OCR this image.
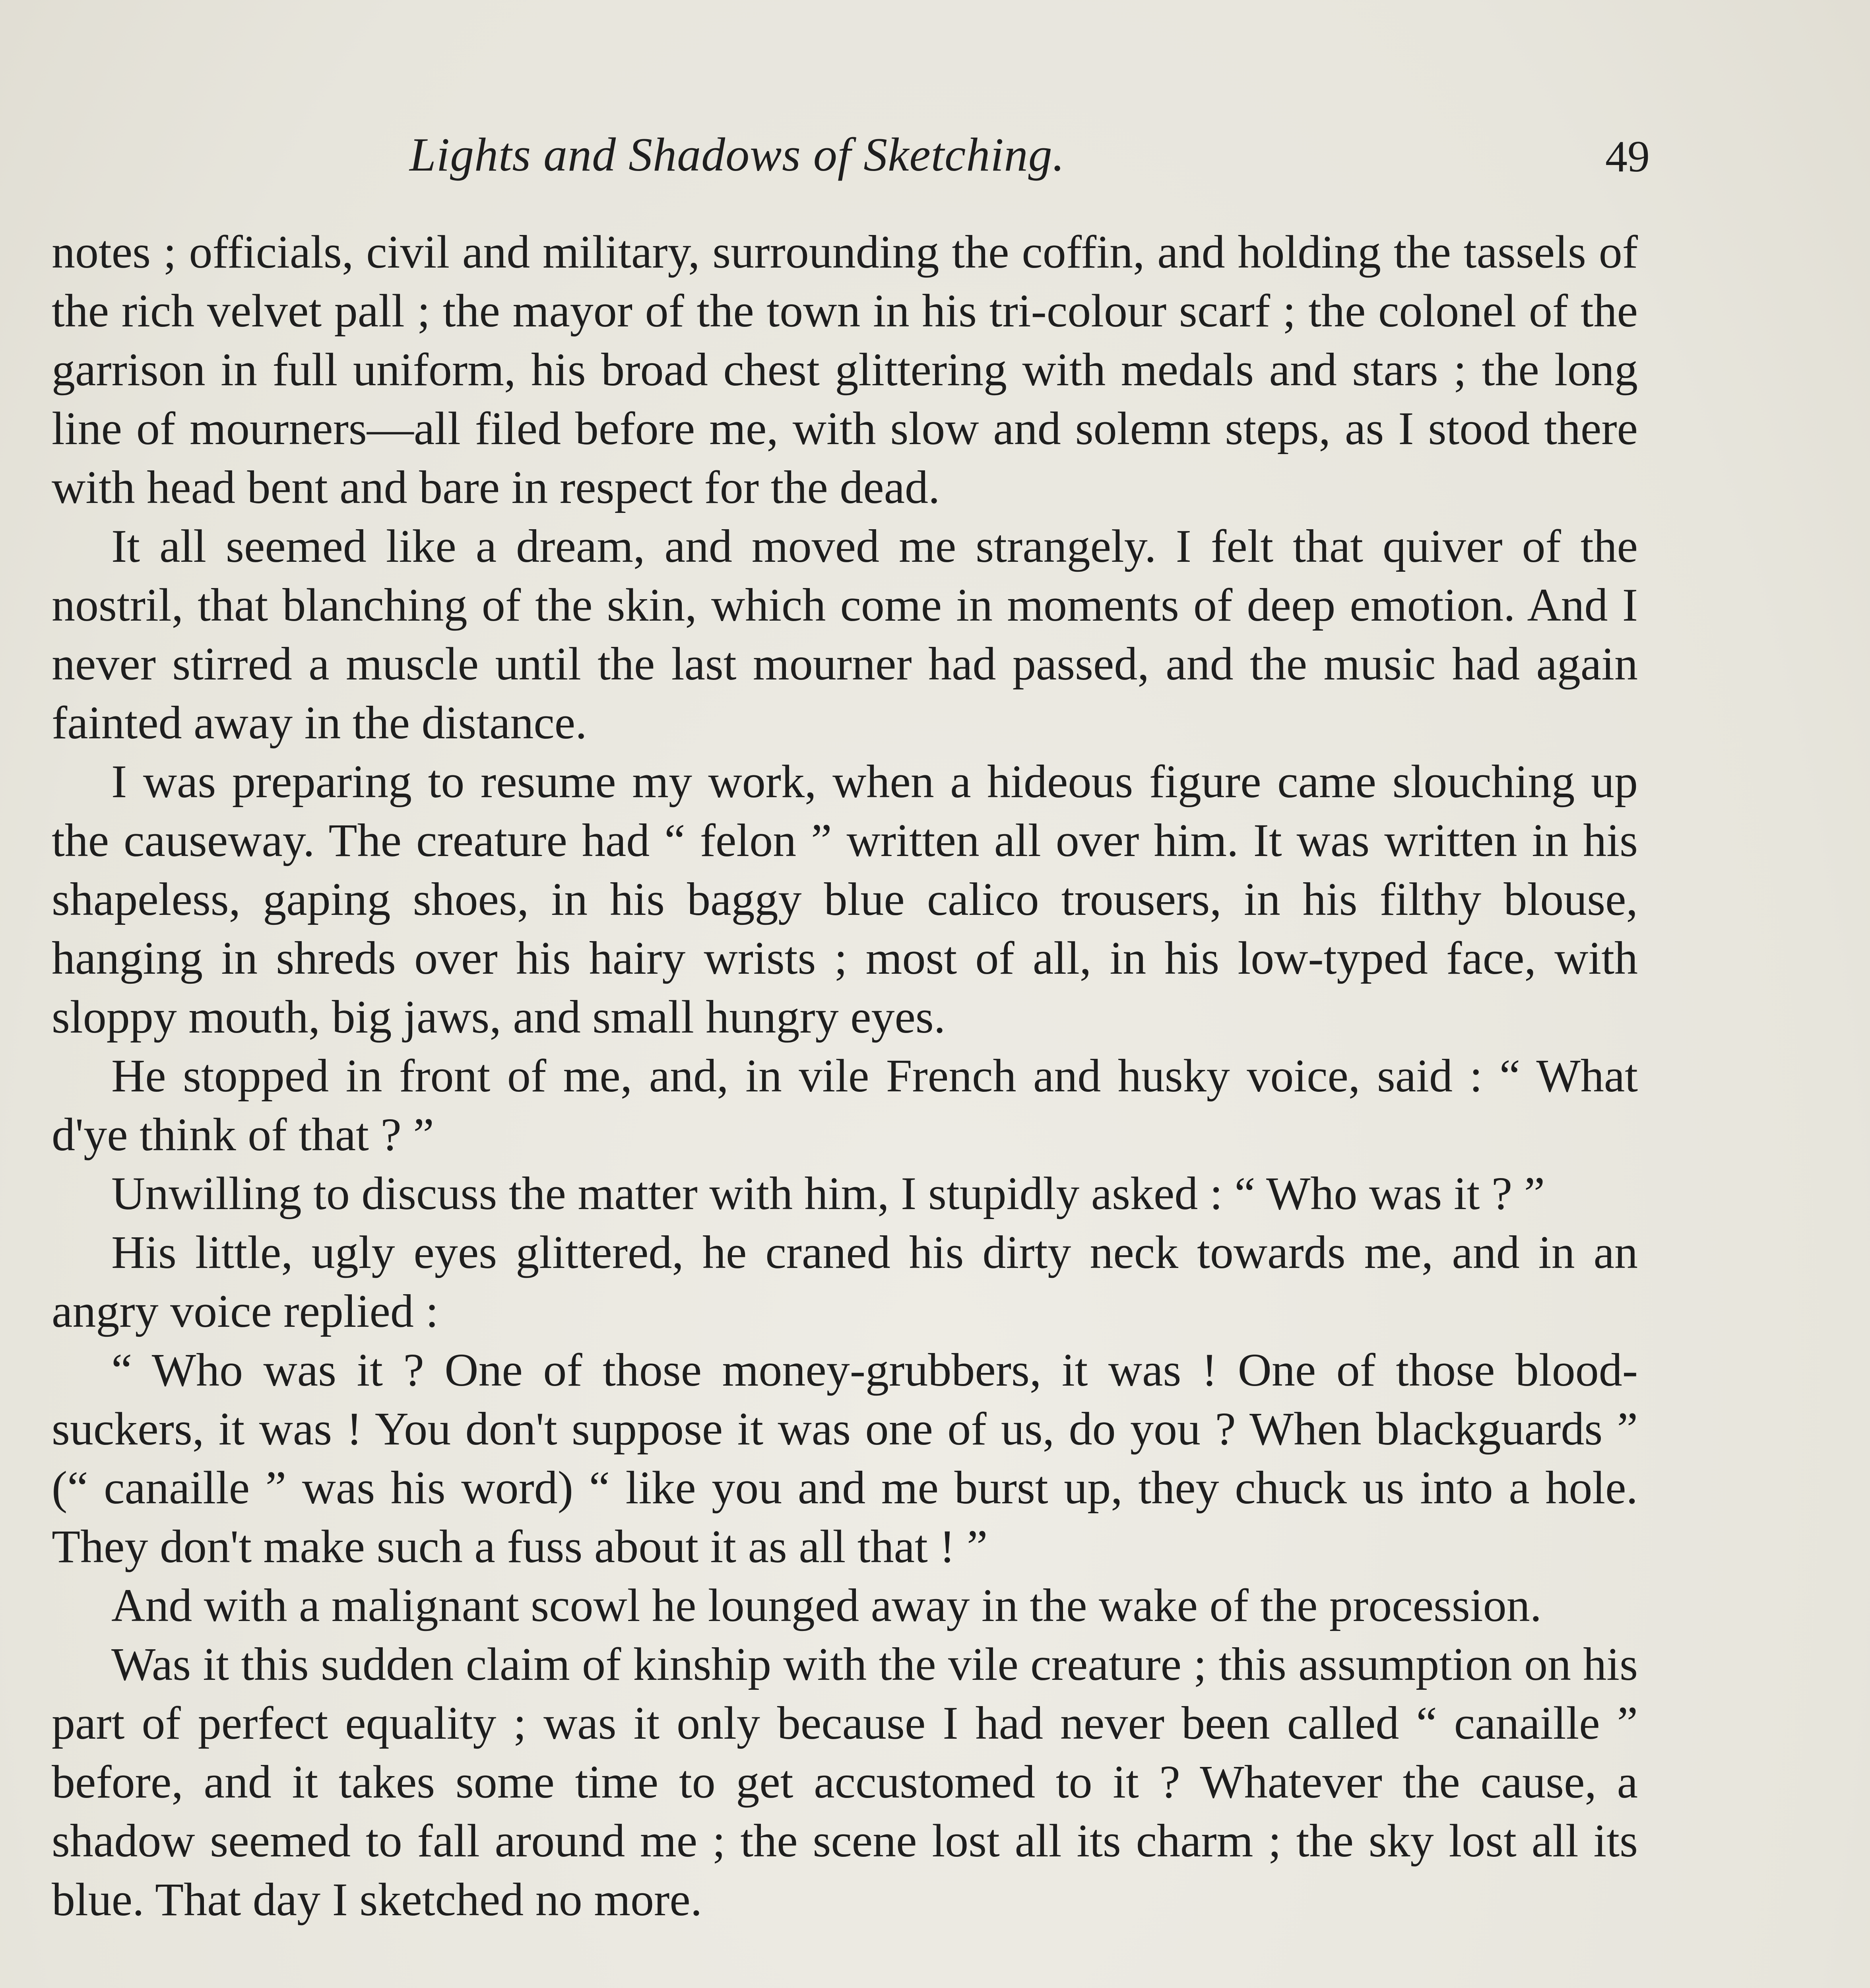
Lights and Shadows of Sketching.	49

notes ; officials, civil and military, surrounding the coffin, and holding the tassels of the rich velvet pall ; the mayor of the town in his tri-colour scarf ; the colonel of the garrison in full uniform, his broad chest glittering with medals and stars ; the long line of mourners—all filed before me, with slow and solemn steps, as I stood there with head bent and bare in respect for the dead.

It all seemed like a dream, and moved me strangely. I felt that quiver of the nostril, that blanching of the skin, which come in moments of deep emotion. And I never stirred a muscle until the last mourner had passed, and the music had again fainted away in the distance.

I was preparing to resume my work, when a hideous figure came slouching up the causeway. The creature had “ felon ” written all over him. It was written in his shapeless, gaping shoes, in his baggy blue calico trousers, in his filthy blouse, hanging in shreds over his hairy wrists ; most of all, in his low-typed face, with sloppy mouth, big jaws, and small hungry eyes.

He stopped in front of me, and, in vile French and husky voice, said : “ What d'ye think of that ? ”

Unwilling to discuss the matter with him, I stupidly asked : “ Who was it ? ”

His little, ugly eyes glittered, he craned his dirty neck towards me, and in an angry voice replied :

“ Who was it ? One of those money-grubbers, it was ! One of those blood-suckers, it was ! You don't suppose it was one of us, do you ? When blackguards ” (“ canaille ” was his word) “ like you and me burst up, they chuck us into a hole. They don't make such a fuss about it as all that ! ”

And with a malignant scowl he lounged away in the wake of the procession.

Was it this sudden claim of kinship with the vile creature ; this assumption on his part of perfect equality ; was it only because I had never been called “ canaille ” before, and it takes some time to get accustomed to it ? Whatever the cause, a shadow seemed to fall around me ; the scene lost all its charm ; the sky lost all its blue. That day I sketched no more.
